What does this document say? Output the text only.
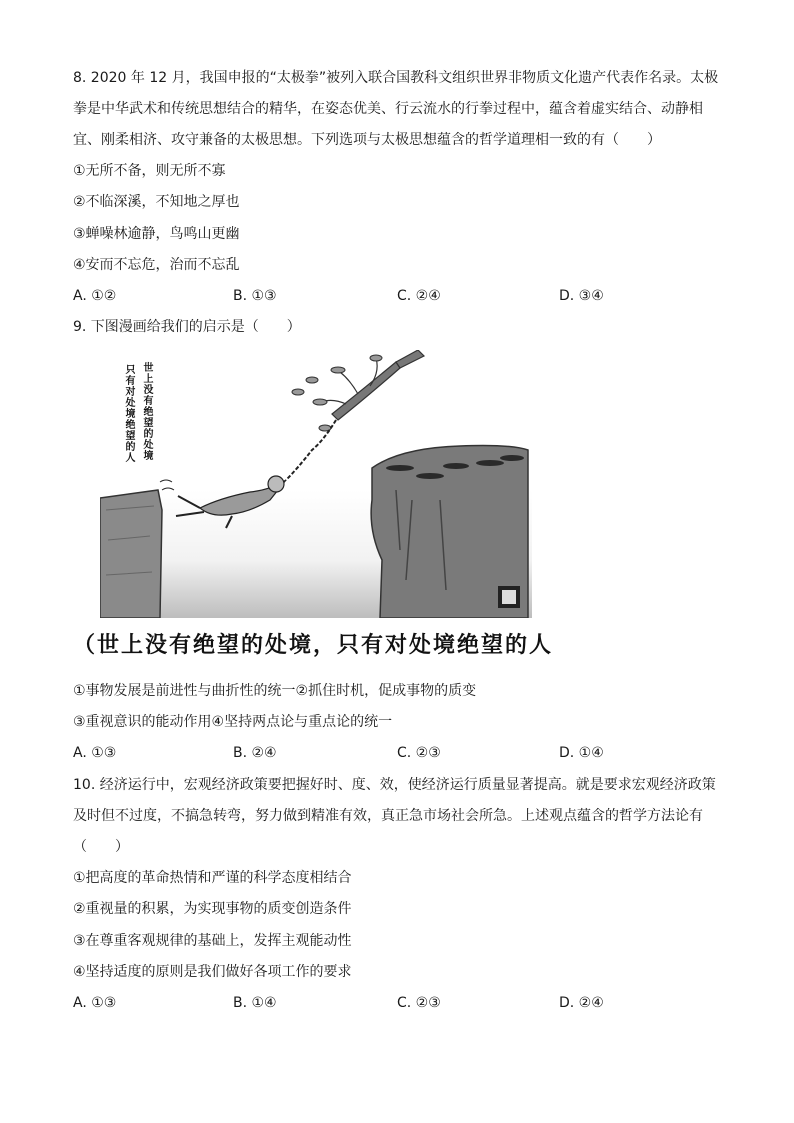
8. 2020 年 12 月，我国申报的“太极拳”被列入联合国教科文组织世界非物质文化遗产代表作名录。太极
拳是中华武术和传统思想结合的精华，在姿态优美、行云流水的行拳过程中，蕴含着虚实结合、动静相
宜、刚柔相济、攻守兼备的太极思想。下列选项与太极思想蕴含的哲学道理相一致的有（　　）
①无所不备，则无所不寡
②不临深溪，不知地之厚也
③蝉噪林逾静，鸟鸣山更幽
④安而不忘危，治而不忘乱
A. ①②	B. ①③	C. ②④	D. ③④
9. 下图漫画给我们的启示是（　　）
只有对处境绝望的人 世上没有绝望的处境
（世上没有绝望的处境，只有对处境绝望的人
①事物发展是前进性与曲折性的统一②抓住时机，促成事物的质变
③重视意识的能动作用④坚持两点论与重点论的统一
A. ①③	B. ②④	C. ②③	D. ①④
10. 经济运行中，宏观经济政策要把握好时、度、效，使经济运行质量显著提高。就是要求宏观经济政策
及时但不过度，不搞急转弯，努力做到精准有效，真正急市场社会所急。上述观点蕴含的哲学方法论有
（　　）
①把高度的革命热情和严谨的科学态度相结合
②重视量的积累，为实现事物的质变创造条件
③在尊重客观规律的基础上，发挥主观能动性
④坚持适度的原则是我们做好各项工作的要求
A. ①③	B. ①④	C. ②③	D. ②④
